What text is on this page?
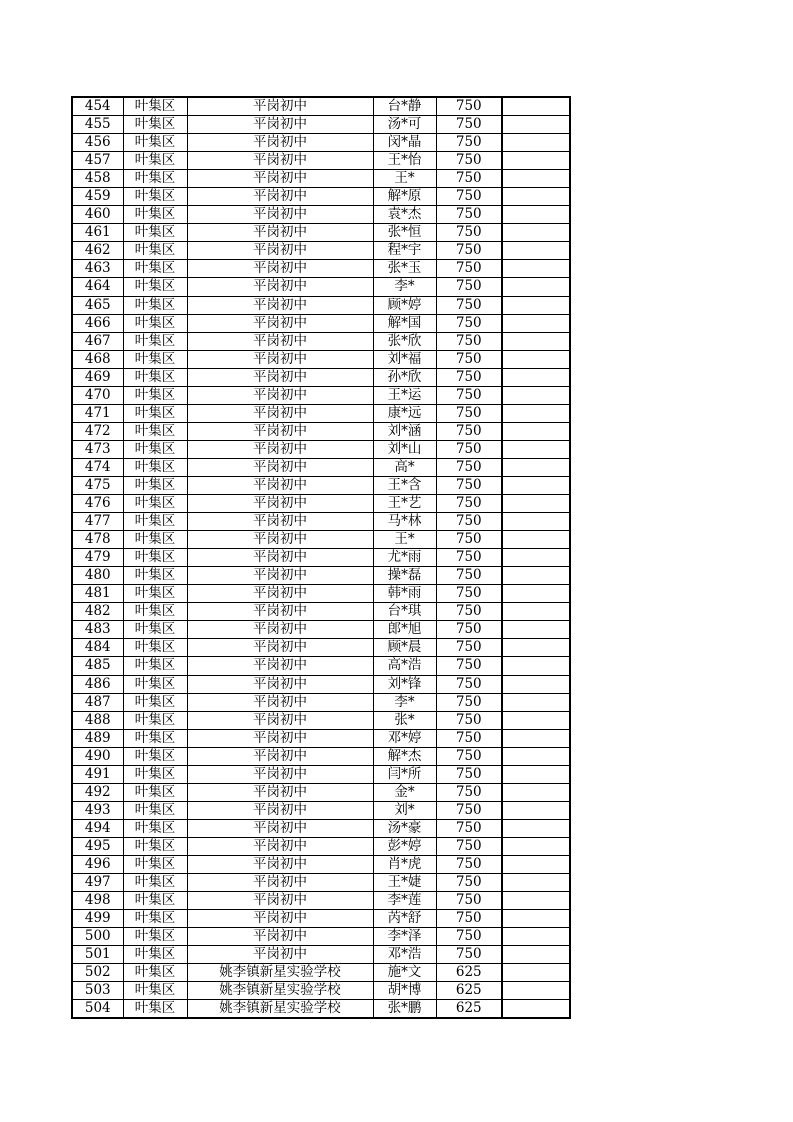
454	叶集区	平岗初中	台*静	750	
455	叶集区	平岗初中	汤*可	750	
456	叶集区	平岗初中	闵*晶	750	
457	叶集区	平岗初中	王*怡	750	
458	叶集区	平岗初中	王*	750	
459	叶集区	平岗初中	解*原	750	
460	叶集区	平岗初中	袁*杰	750	
461	叶集区	平岗初中	张*恒	750	
462	叶集区	平岗初中	程*宇	750	
463	叶集区	平岗初中	张*玉	750	
464	叶集区	平岗初中	李*	750	
465	叶集区	平岗初中	顾*婷	750	
466	叶集区	平岗初中	解*国	750	
467	叶集区	平岗初中	张*欣	750	
468	叶集区	平岗初中	刘*福	750	
469	叶集区	平岗初中	孙*欣	750	
470	叶集区	平岗初中	王*运	750	
471	叶集区	平岗初中	康*远	750	
472	叶集区	平岗初中	刘*涵	750	
473	叶集区	平岗初中	刘*山	750	
474	叶集区	平岗初中	高*	750	
475	叶集区	平岗初中	王*含	750	
476	叶集区	平岗初中	王*艺	750	
477	叶集区	平岗初中	马*林	750	
478	叶集区	平岗初中	王*	750	
479	叶集区	平岗初中	尤*雨	750	
480	叶集区	平岗初中	操*磊	750	
481	叶集区	平岗初中	韩*雨	750	
482	叶集区	平岗初中	台*琪	750	
483	叶集区	平岗初中	郎*旭	750	
484	叶集区	平岗初中	顾*晨	750	
485	叶集区	平岗初中	高*浩	750	
486	叶集区	平岗初中	刘*锋	750	
487	叶集区	平岗初中	李*	750	
488	叶集区	平岗初中	张*	750	
489	叶集区	平岗初中	邓*婷	750	
490	叶集区	平岗初中	解*杰	750	
491	叶集区	平岗初中	闫*所	750	
492	叶集区	平岗初中	金*	750	
493	叶集区	平岗初中	刘*	750	
494	叶集区	平岗初中	汤*豪	750	
495	叶集区	平岗初中	彭*婷	750	
496	叶集区	平岗初中	肖*虎	750	
497	叶集区	平岗初中	王*婕	750	
498	叶集区	平岗初中	李*莲	750	
499	叶集区	平岗初中	芮*舒	750	
500	叶集区	平岗初中	李*泽	750	
501	叶集区	平岗初中	邓*浩	750	
502	叶集区	姚李镇新星实验学校	施*文	625	
503	叶集区	姚李镇新星实验学校	胡*博	625	
504	叶集区	姚李镇新星实验学校	张*鹏	625	
